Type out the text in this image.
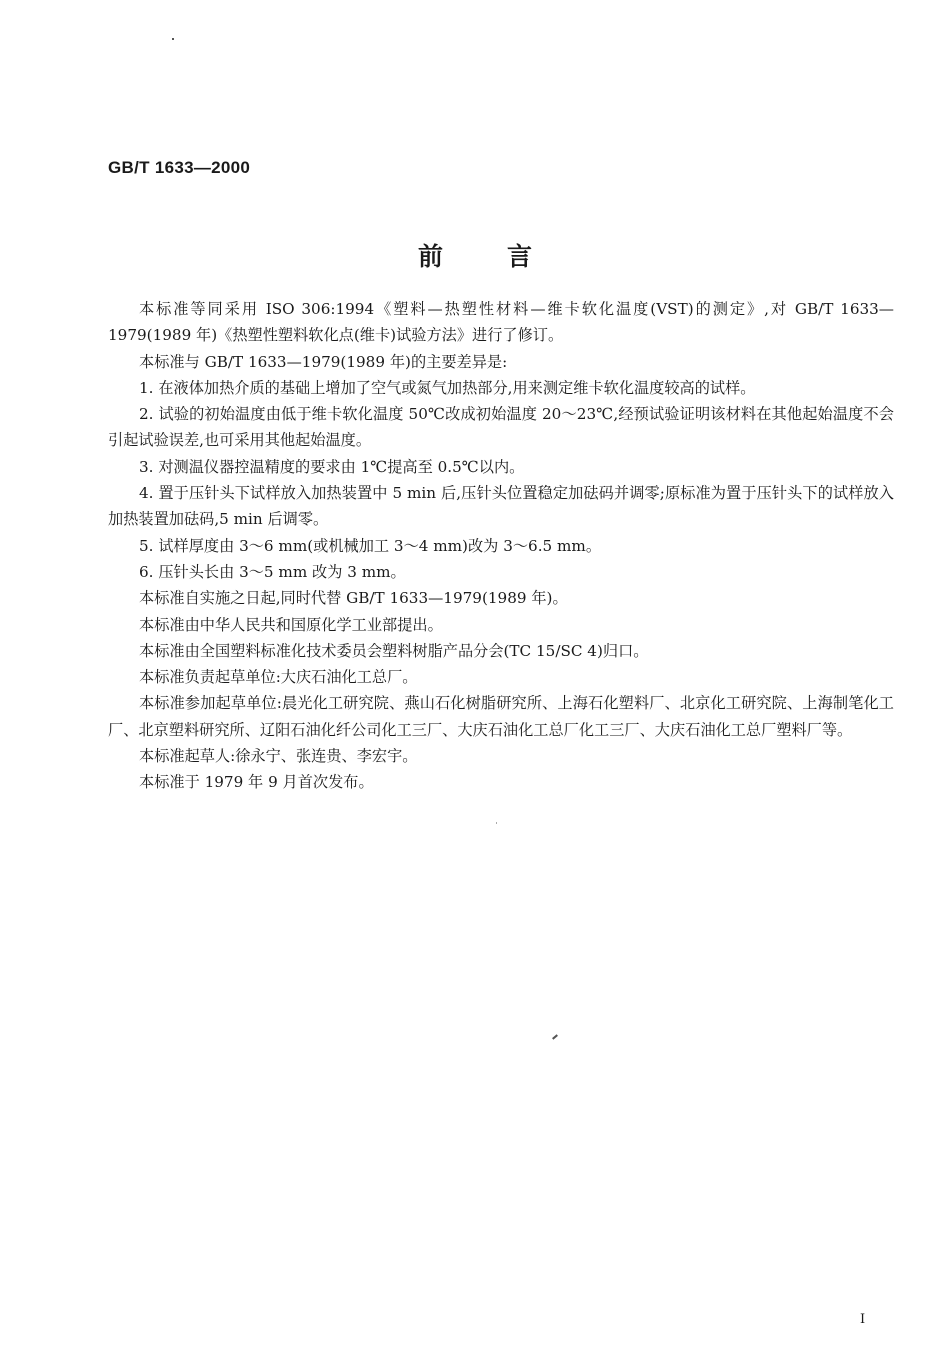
GB/T 1633—2000
前言

本标准等同采用 ISO 306:1994《塑料—热塑性材料—维卡软化温度(VST)的测定》,对 GB/T 1633—1979(1989 年)《热塑性塑料软化点(维卡)试验方法》进行了修订。

本标准与 GB/T 1633—1979(1989 年)的主要差异是:

1. 在液体加热介质的基础上增加了空气或氮气加热部分,用来测定维卡软化温度较高的试样。

2. 试验的初始温度由低于维卡软化温度 50℃改成初始温度 20～23℃,经预试验证明该材料在其他起始温度不会引起试验误差,也可采用其他起始温度。

3. 对测温仪器控温精度的要求由 1℃提高至 0.5℃以内。

4. 置于压针头下试样放入加热装置中 5 min 后,压针头位置稳定加砝码并调零;原标准为置于压针头下的试样放入加热装置加砝码,5 min 后调零。

5. 试样厚度由 3～6 mm(或机械加工 3～4 mm)改为 3～6.5 mm。

6. 压针头长由 3～5 mm 改为 3 mm。

本标准自实施之日起,同时代替 GB/T 1633—1979(1989 年)。

本标准由中华人民共和国原化学工业部提出。

本标准由全国塑料标准化技术委员会塑料树脂产品分会(TC 15/SC 4)归口。

本标准负责起草单位:大庆石油化工总厂。

本标准参加起草单位:晨光化工研究院、燕山石化树脂研究所、上海石化塑料厂、北京化工研究院、上海制笔化工厂、北京塑料研究所、辽阳石油化纤公司化工三厂、大庆石油化工总厂化工三厂、大庆石油化工总厂塑料厂等。

本标准起草人:徐永宁、张连贵、李宏宇。

本标准于 1979 年 9 月首次发布。

I
